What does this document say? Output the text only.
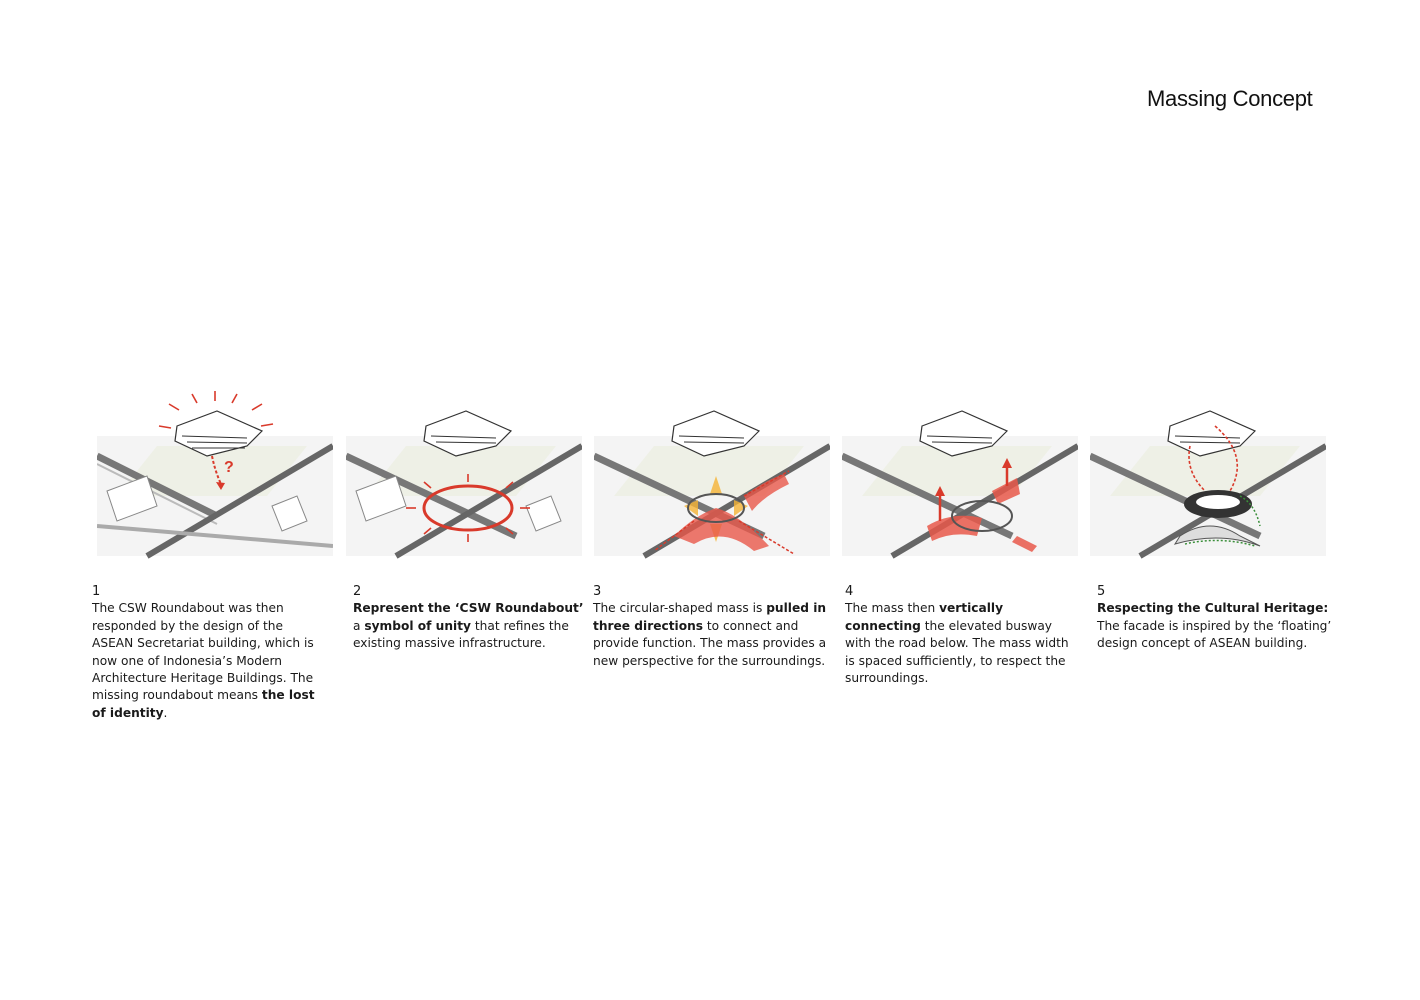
Massing Concept
?
1
The CSW Roundabout was then responded by the design of the ASEAN Secretariat building, which is now one of Indonesia’s Modern Architecture Heritage Buildings. The missing roundabout means the lost of identity.
2
Represent the ‘CSW Roundabout’ a symbol of unity that refines the existing massive infrastructure.
3
The circular-shaped mass is pulled in three directions to connect and provide function. The mass provides a new perspective for the surroundings.
4
The mass then vertically connecting the elevated busway with the road below. The mass width is spaced sufficiently, to respect the surroundings.
5
Respecting the Cultural Heritage: The facade is inspired by the ‘floating’ design concept of ASEAN building.
